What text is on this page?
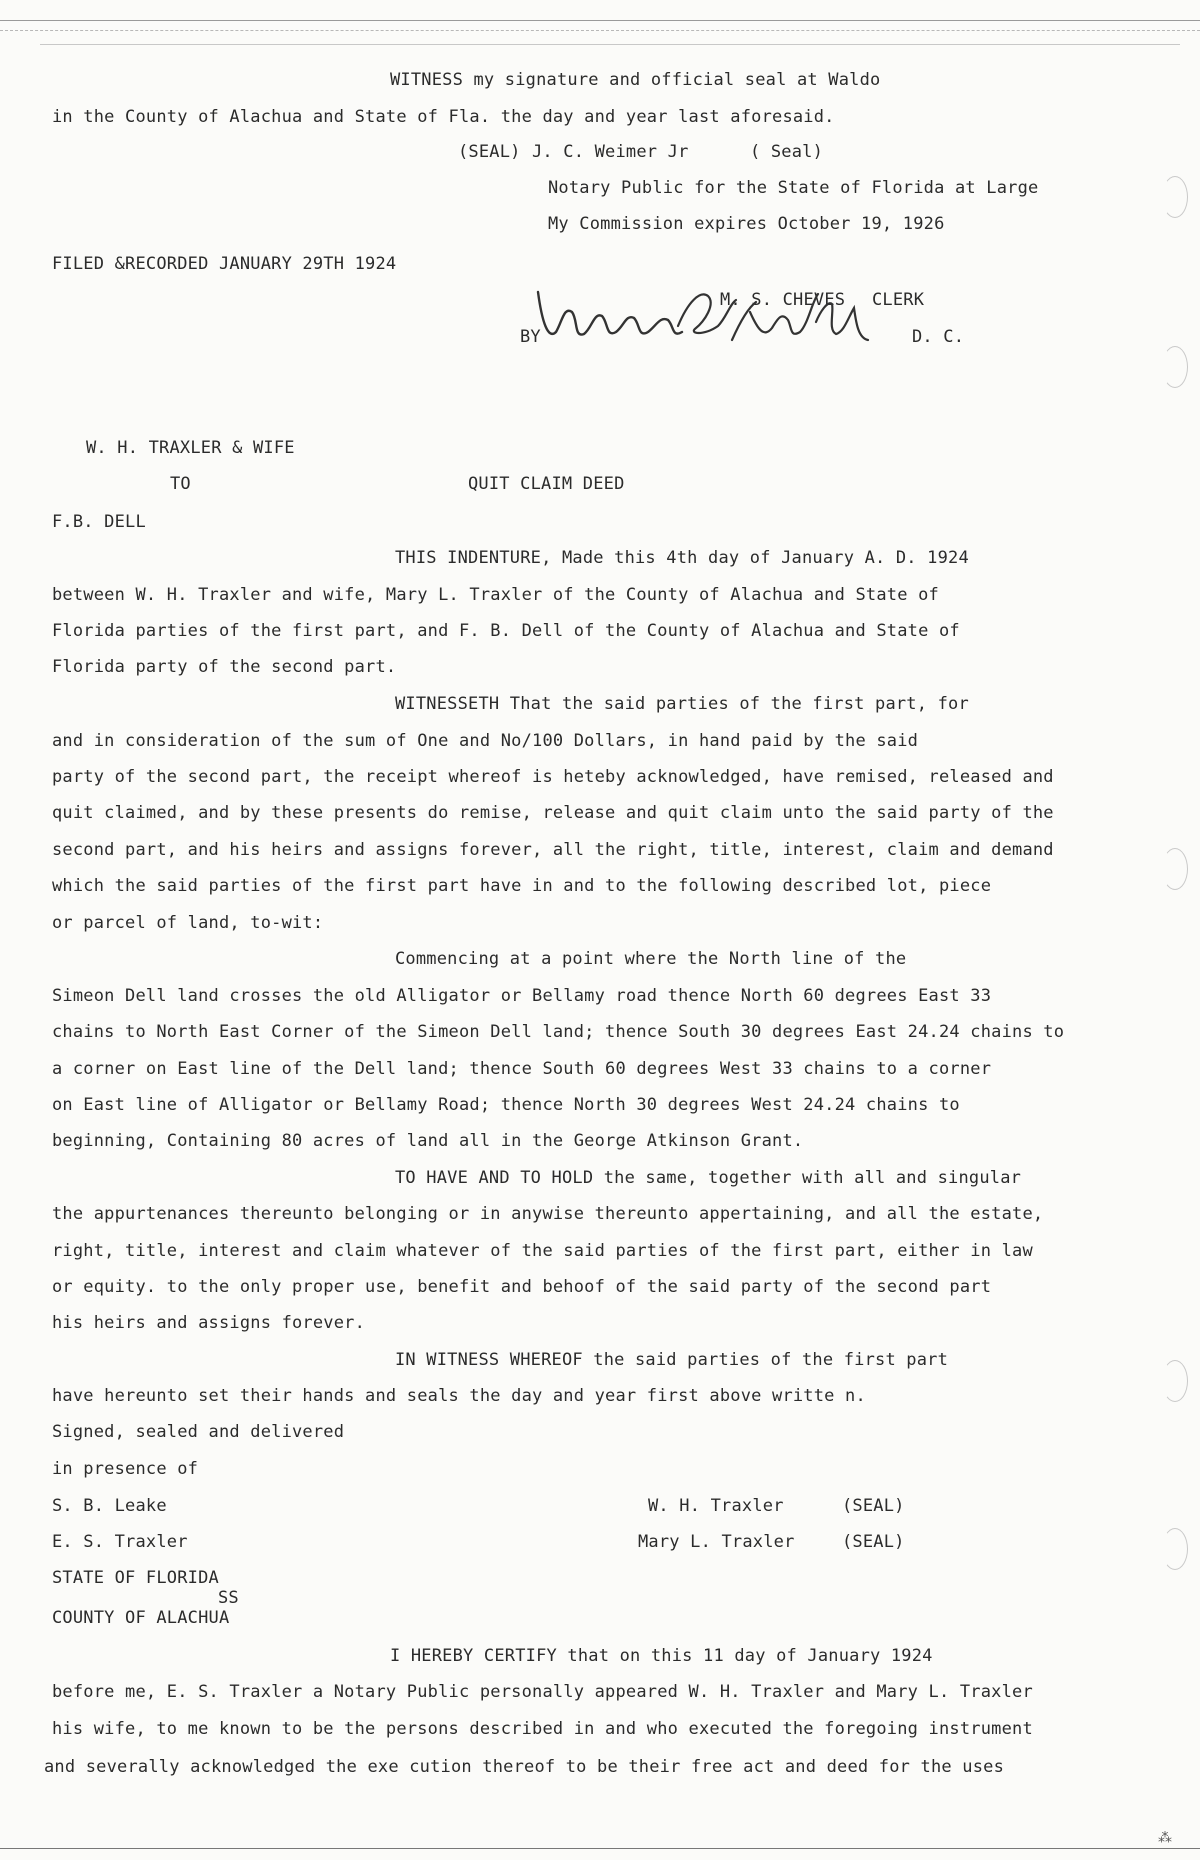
WITNESS my signature and official seal at Waldo
in the County of Alachua and State of Fla. the day and year last aforesaid.
(SEAL) J. C. Weimer Jr	( Seal)
Notary Public for the State of Florida at Large
My Commission expires October 19, 1926
FILED &RECORDED JANUARY 29TH 1924
M. S. CHEVES CLERK
BY	D. C.
W. H. TRAXLER & WIFE
TO	QUIT CLAIM DEED
F.B. DELL
THIS INDENTURE, Made this 4th day of January A. D. 1924
between W. H. Traxler and wife, Mary L. Traxler of the County of Alachua and State of
Florida parties of the first part, and F. B. Dell of the County of Alachua and State of
Florida party of the second part.
WITNESSETH That the said parties of the first part, for
and in consideration of the sum of One and No/100 Dollars, in hand paid by the said
party of the second part, the receipt whereof is heteby acknowledged, have remised, released and
quit claimed, and by these presents do remise, release and quit claim unto the said party of the
second part, and his heirs and assigns forever, all the right, title, interest, claim and demand
which the said parties of the first part have in and to the following described lot, piece
or parcel of land, to-wit:
Commencing at a point where the North line of the
Simeon Dell land crosses the old Alligator or Bellamy road thence North 60 degrees East 33
chains to North East Corner of the Simeon Dell land; thence South 30 degrees East 24.24 chains to
a corner on East line of the Dell land; thence South 60 degrees West 33 chains to a corner
on East line of Alligator or Bellamy Road; thence North 30 degrees West 24.24 chains to
beginning, Containing 80 acres of land all in the George Atkinson Grant.
TO HAVE AND TO HOLD the same, together with all and singular
the appurtenances thereunto belonging or in anywise thereunto appertaining, and all the estate,
right, title, interest and claim whatever of the said parties of the first part, either in law
or equity. to the only proper use, benefit and behoof of the said party of the second part
his heirs and assigns forever.
IN WITNESS WHEREOF the said parties of the first part
have hereunto set their hands and seals the day and year first above writte n.
Signed, sealed and delivered
in presence of
S. B. Leake
E. S. Traxler
W. H. Traxler	(SEAL)
Mary L. Traxler	(SEAL)
STATE OF FLORIDA
SS
COUNTY OF ALACHUA
I HEREBY CERTIFY that on this 11 day of January 1924
before me, E. S. Traxler a Notary Public personally appeared W. H. Traxler and Mary L. Traxler
his wife, to me known to be the persons described in and who executed the foregoing instrument
and severally acknowledged the exe cution thereof to be their free act and deed for the uses
⁂
